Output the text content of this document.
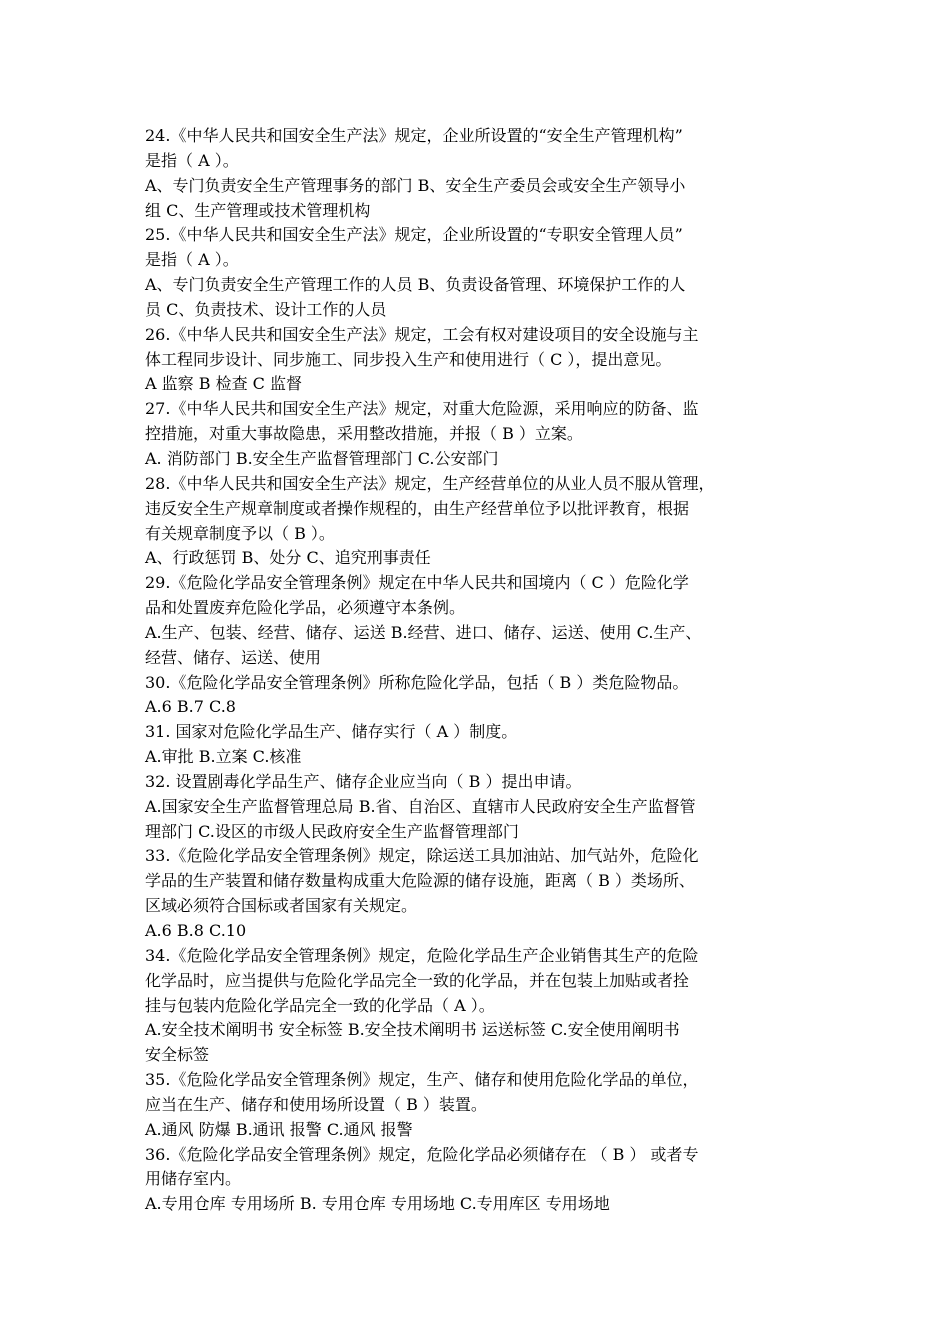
24.《中华人民共和国安全生产法》规定，企业所设置的“安全生产管理机构”
是指（ A ）。
A、专门负责安全生产管理事务的部门 B、安全生产委员会或安全生产领导小
组 C、生产管理或技术管理机构
25.《中华人民共和国安全生产法》规定，企业所设置的“专职安全管理人员”
是指（ A ）。
A、专门负责安全生产管理工作的人员 B、负责设备管理、环境保护工作的人
员 C、负责技术、设计工作的人员
26.《中华人民共和国安全生产法》规定，工会有权对建设项目的安全设施与主
体工程同步设计、同步施工、同步投入生产和使用进行（ C ），提出意见。
A 监察 B 检查 C 监督
27.《中华人民共和国安全生产法》规定，对重大危险源，采用响应的防备、监
控措施，对重大事故隐患，采用整改措施，并报（ B ）立案。
A. 消防部门 B.安全生产监督管理部门 C.公安部门
28.《中华人民共和国安全生产法》规定，生产经营单位的从业人员不服从管理，
违反安全生产规章制度或者操作规程的，由生产经营单位予以批评教育，根据
有关规章制度予以（ B ）。
A、行政惩罚 B、处分 C、追究刑事责任
29.《危险化学品安全管理条例》规定在中华人民共和国境内（ C ）危险化学
品和处置废弃危险化学品，必须遵守本条例。
A.生产、包装、经营、储存、运送 B.经营、进口、储存、运送、使用 C.生产、
经营、储存、运送、使用
30.《危险化学品安全管理条例》所称危险化学品，包括（ B ）类危险物品。
A.6 B.7 C.8
31. 国家对危险化学品生产、储存实行（ A ）制度。
A.审批 B.立案 C.核准
32. 设置剧毒化学品生产、储存企业应当向（ B ）提出申请。
A.国家安全生产监督管理总局 B.省、自治区、直辖市人民政府安全生产监督管
理部门 C.设区的市级人民政府安全生产监督管理部门
33.《危险化学品安全管理条例》规定，除运送工具加油站、加气站外，危险化
学品的生产装置和储存数量构成重大危险源的储存设施，距离（ B ）类场所、
区域必须符合国标或者国家有关规定。
A.6 B.8 C.10
34.《危险化学品安全管理条例》规定，危险化学品生产企业销售其生产的危险
化学品时，应当提供与危险化学品完全一致的化学品，并在包装上加贴或者拴
挂与包装内危险化学品完全一致的化学品（ A ）。
A.安全技术阐明书 安全标签 B.安全技术阐明书 运送标签 C.安全使用阐明书
安全标签
35.《危险化学品安全管理条例》规定，生产、储存和使用危险化学品的单位，
应当在生产、储存和使用场所设置（ B ）装置。
A.通风 防爆 B.通讯 报警 C.通风 报警
36.《危险化学品安全管理条例》规定，危险化学品必须储存在 （ B ） 或者专
用储存室内。
A.专用仓库 专用场所 B. 专用仓库 专用场地 C.专用库区 专用场地
